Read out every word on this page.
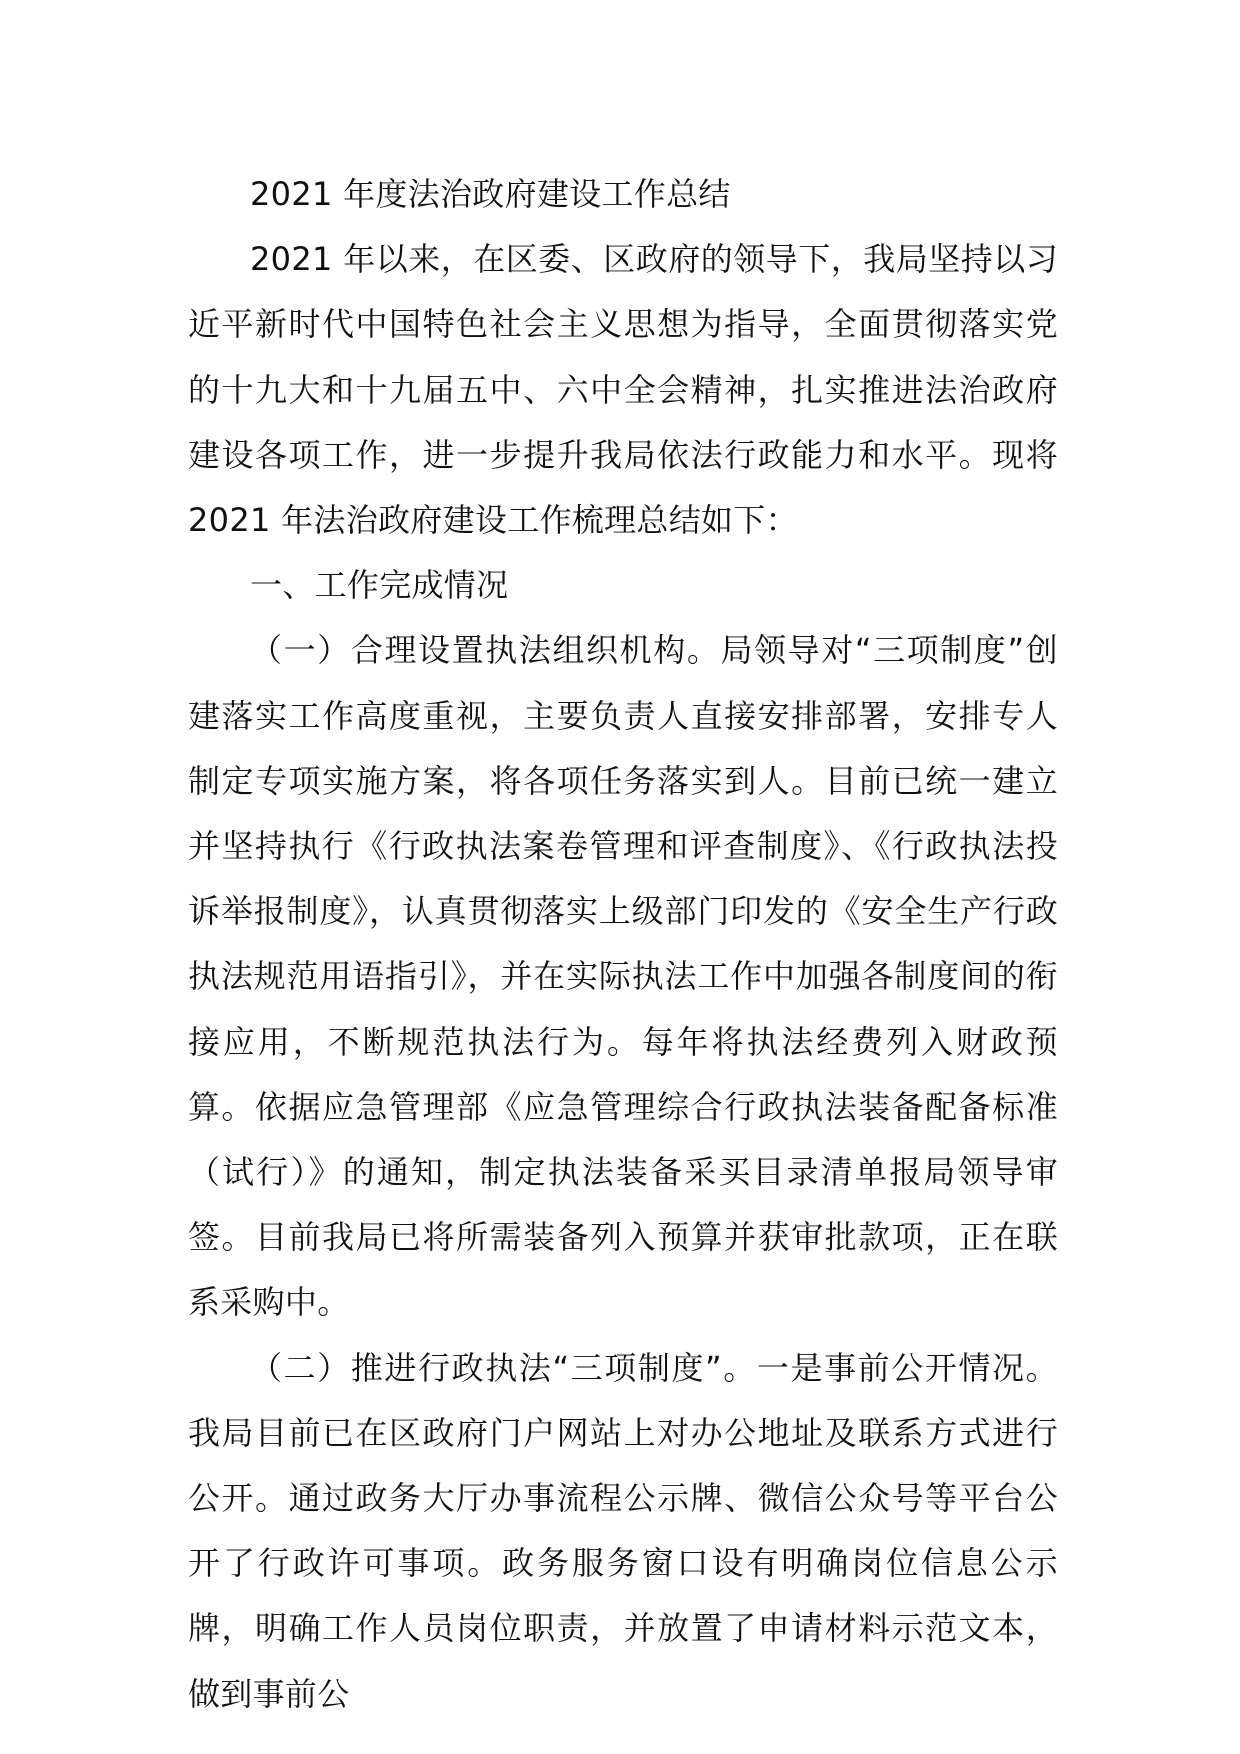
2021 年度法治政府建设工作总结

2021 年以来，在区委、区政府的领导下，我局坚持以习近平新时代中国特色社会主义思想为指导，全面贯彻落实党的十九大和十九届五中、六中全会精神，扎实推进法治政府建设各项工作，进一步提升我局依法行政能力和水平。现将 2021 年法治政府建设工作梳理总结如下：

一、工作完成情况

（一）合理设置执法组织机构。局领导对“三项制度”创建落实工作高度重视，主要负责人直接安排部署，安排专人制定专项实施方案，将各项任务落实到人。目前已统一建立并坚持执行《行政执法案卷管理和评查制度》、《行政执法投诉举报制度》，认真贯彻落实上级部门印发的《安全生产行政执法规范用语指引》，并在实际执法工作中加强各制度间的衔接应用，不断规范执法行为。每年将执法经费列入财政预算。依据应急管理部《应急管理综合行政执法装备配备标准（试行）》的通知，制定执法装备采买目录清单报局领导审签。目前我局已将所需装备列入预算并获审批款项，正在联系采购中。

（二）推进行政执法“三项制度”。一是事前公开情况。我局目前已在区政府门户网站上对办公地址及联系方式进行公开。通过政务大厅办事流程公示牌、微信公众号等平台公开了行政许可事项。政务服务窗口设有明确岗位信息公示牌，明确工作人员岗位职责，并放置了申请材料示范文本，做到事前公
